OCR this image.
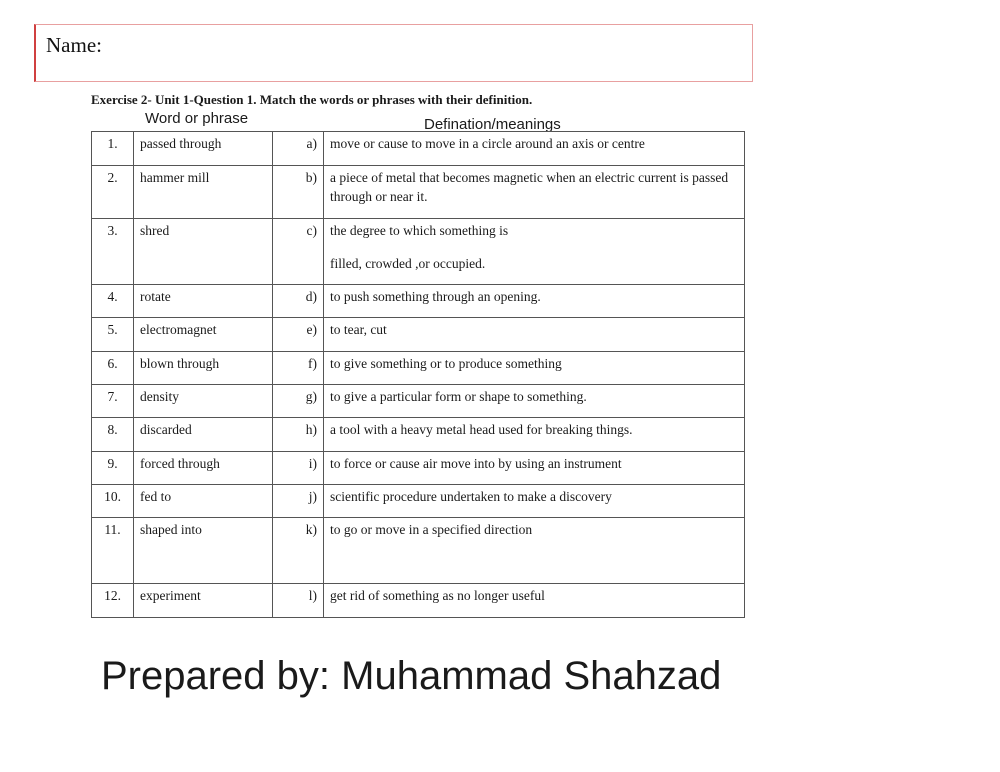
Name:
Exercise 2- Unit 1-Question 1. Match the words or phrases with their definition.
Word or phrase	Defination/meanings
1.	passed through	a)	move or cause to move in a circle around an axis or centre
2.	hammer mill	b)	a piece of metal that becomes magnetic when an electric current is passed through or near it.
3.	shred	c)	the degree to which something is
filled, crowded ,or occupied.

4.	rotate	d)	to push something through an opening.
5.	electromagnet	e)	to tear, cut
6.	blown through	f)	to give something or to produce something
7.	density	g)	to give a particular form or shape to something.
8.	discarded	h)	a tool with a heavy metal head used for breaking things.
9.	forced through	i)	to force or cause air move into by using an instrument
10.	fed to	j)	scientific procedure undertaken to make a discovery
11.	shaped into	k)	to go or move in a specified direction
12.	experiment	l)	get rid of something as no longer useful
Prepared by: Muhammad Shahzad
